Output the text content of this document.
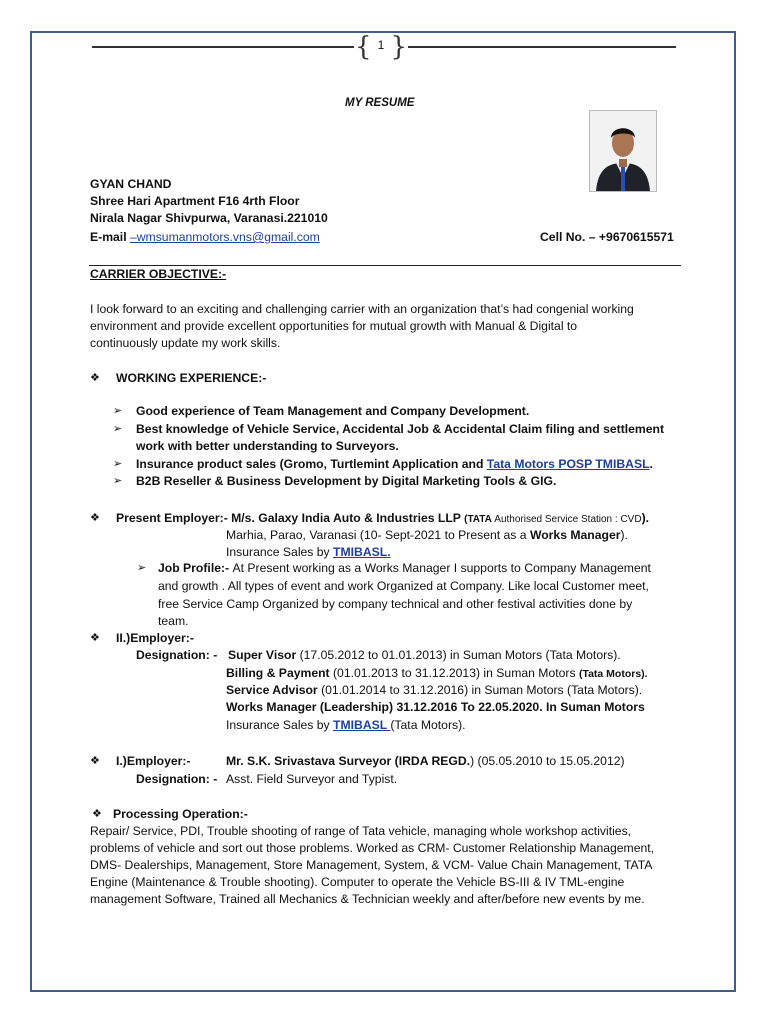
{ 1 }
MY RESUME
GYAN CHAND
Shree Hari Apartment F16 4rth Floor
Nirala Nagar Shivpurwa, Varanasi.221010
E-mail –wmsumanmotors.vns@gmail.com	Cell No. – +9670615571
CARRIER OBJECTIVE:-
I look forward to an exciting and challenging carrier with an organization that’s had congenial working
environment and provide excellent opportunities for mutual growth with Manual & Digital to
continuously update my work skills.
❖ WORKING EXPERIENCE:-
➢ Good experience of Team Management and Company Development.
➢ Best knowledge of Vehicle Service, Accidental Job & Accidental Claim filing and settlement
work with better understanding to Surveyors.
➢ Insurance product sales (Gromo, Turtlemint Application and Tata Motors POSP TMIBASL.
➢ B2B Reseller & Business Development by Digital Marketing Tools & GIG.
❖ Present Employer:- M/s. Galaxy India Auto & Industries LLP (TATA Authorised Service Station : CVD).
Marhia, Parao, Varanasi (10- Sept-2021 to Present as a Works Manager).
Insurance Sales by TMIBASL.
➢ Job Profile:- At Present working as a Works Manager I supports to Company Management
and growth . All types of event and work Organized at Company. Like local Customer meet,
free Service Camp Organized by company technical and other festival activities done by
team.
❖ II.)Employer:-
Designation: - Super Visor (17.05.2012 to 01.01.2013) in Suman Motors (Tata Motors).
Billing & Payment (01.01.2013 to 31.12.2013) in Suman Motors (Tata Motors).
Service Advisor (01.01.2014 to 31.12.2016) in Suman Motors (Tata Motors).
Works Manager (Leadership) 31.12.2016 To 22.05.2020. In Suman Motors
Insurance Sales by TMIBASL (Tata Motors).
❖ I.)Employer:-	Mr. S.K. Srivastava Surveyor (IRDA REGD.) (05.05.2010 to 15.05.2012)
Designation: - Asst. Field Surveyor and Typist.
❖ Processing Operation:-
Repair/ Service, PDI, Trouble shooting of range of Tata vehicle, managing whole workshop activities,
problems of vehicle and sort out those problems. Worked as CRM- Customer Relationship Management,
DMS- Dealerships, Management, Store Management, System, & VCM- Value Chain Management, TATA
Engine (Maintenance & Trouble shooting). Computer to operate the Vehicle BS-III & IV TML-engine
management Software, Trained all Mechanics & Technician weekly and after/before new events by me.
